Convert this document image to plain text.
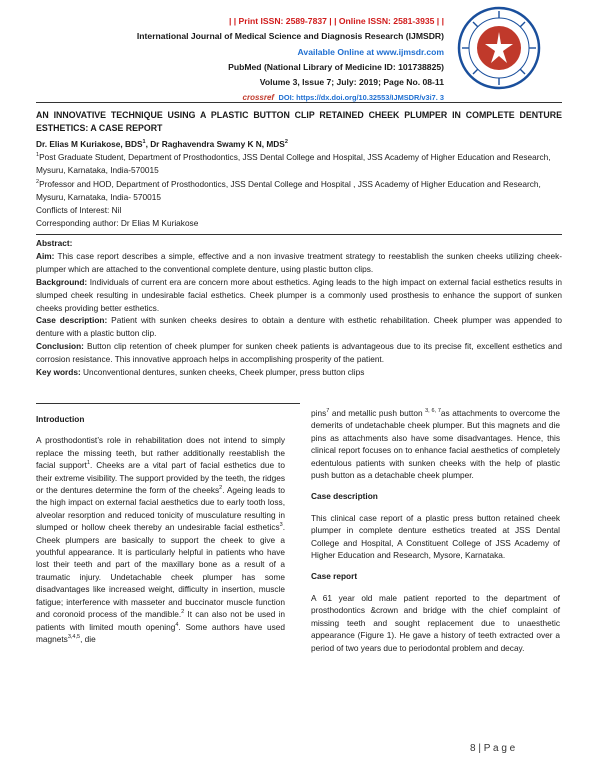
| | Print ISSN: 2589-7837 | | Online ISSN: 2581-3935 | |
International Journal of Medical Science and Diagnosis Research (IJMSDR)
Available Online at www.ijmsdr.com
PubMed (National Library of Medicine ID: 101738825)
Volume 3, Issue 7; July: 2019; Page No. 08-11
crossref DOI: https://dx.doi.org/10.32553/IJMSDR/v3i7. 3
AN INNOVATIVE TECHNIQUE USING A PLASTIC BUTTON CLIP RETAINED CHEEK PLUMPER IN COMPLETE DENTURE ESTHETICS: A CASE REPORT
Dr. Elias M Kuriakose, BDS$^1$, Dr Raghavendra Swamy K N, MDS$^2$
$^1$Post Graduate Student, Department of Prosthodontics, JSS Dental College and Hospital, JSS Academy of Higher Education and Research, Mysuru, Karnataka, India-570015
$^2$Professor and HOD, Department of Prosthodontics, JSS Dental College and Hospital , JSS Academy of Higher Education and Research, Mysuru, Karnataka, India- 570015
Conflicts of Interest: Nil
Corresponding author: Dr Elias M Kuriakose

Abstract:

Aim: This case report describes a simple, effective and a non invasive treatment strategy to reestablish the sunken cheeks utilizing cheek-plumper which are attached to the conventional complete denture, using plastic button clips.

Background: Individuals of current era are concern more about esthetics. Aging leads to the high impact on external facial esthetics results in slumped cheek resulting in undesirable facial esthetics. Cheek plumper is a commonly used prosthesis to enhance the support of sunken cheeks providing better esthetics.

Case description: Patient with sunken cheeks desires to obtain a denture with esthetic rehabilitation. Cheek plumper was appended to denture with a plastic button clip.

Conclusion: Button clip retention of cheek plumper for sunken cheek patients is advantageous due to its precise fit, excellent esthetics and corrosion resistance. This innovative approach helps in accomplishing prosperity of the patient.

Key words: Unconventional dentures, sunken cheeks, Cheek plumper, press button clips

Introduction

A prosthodontist’s role in rehabilitation does not intend to simply replace the missing teeth, but rather additionally reestablish the facial support$^1$. Cheeks are a vital part of facial esthetics due to their extreme visibility. The support provided by the teeth, the ridges or the dentures determine the form of the cheeks$^2$. Ageing leads to the high impact on external facial aesthetics due to early tooth loss, alveolar resorption and reduced tonicity of musculature resulting in slumped or hollow cheek thereby an undesirable facial esthetics$^3$. Cheek plumpers are basically to support the cheek to give a youthful appearance. It is particularly helpful in patients who have lost their teeth and part of the maxillary bone as a result of a traumatic injury. Undetachable cheek plumper has some disadvantages like increased weight, difficulty in insertion, muscle fatigue; interference with masseter and buccinator muscle function and coronoid process of the mandible.$^2$ It can also not be used in patients with limited mouth opening$^4$. Some authors have used magnets$^{3,4,5}$, die

pins$^7$ and metallic push button $^{3, 6, 7}$as attachments to overcome the demerits of undetachable cheek plumper. But this magnets and die pins as attachments also have some disadvantages. Hence, this clinical report focuses on to enhance facial aesthetics of completely edentulous patients with sunken cheeks with the help of plastic push button as a detachable cheek plumper.

Case description

This clinical case report of a plastic press button retained cheek plumper in complete denture esthetics treated at JSS Dental College and Hospital, A Constituent College of JSS Academy of Higher Education and Research, Mysore, Karnataka.

Case report

A 61 year old male patient reported to the department of prosthodontics &crown and bridge with the chief complaint of missing teeth and sought replacement due to unaesthetic appearance (Figure 1). He gave a history of teeth extracted over a period of two years due to periodontal problem and decay.

8 | P a g e
